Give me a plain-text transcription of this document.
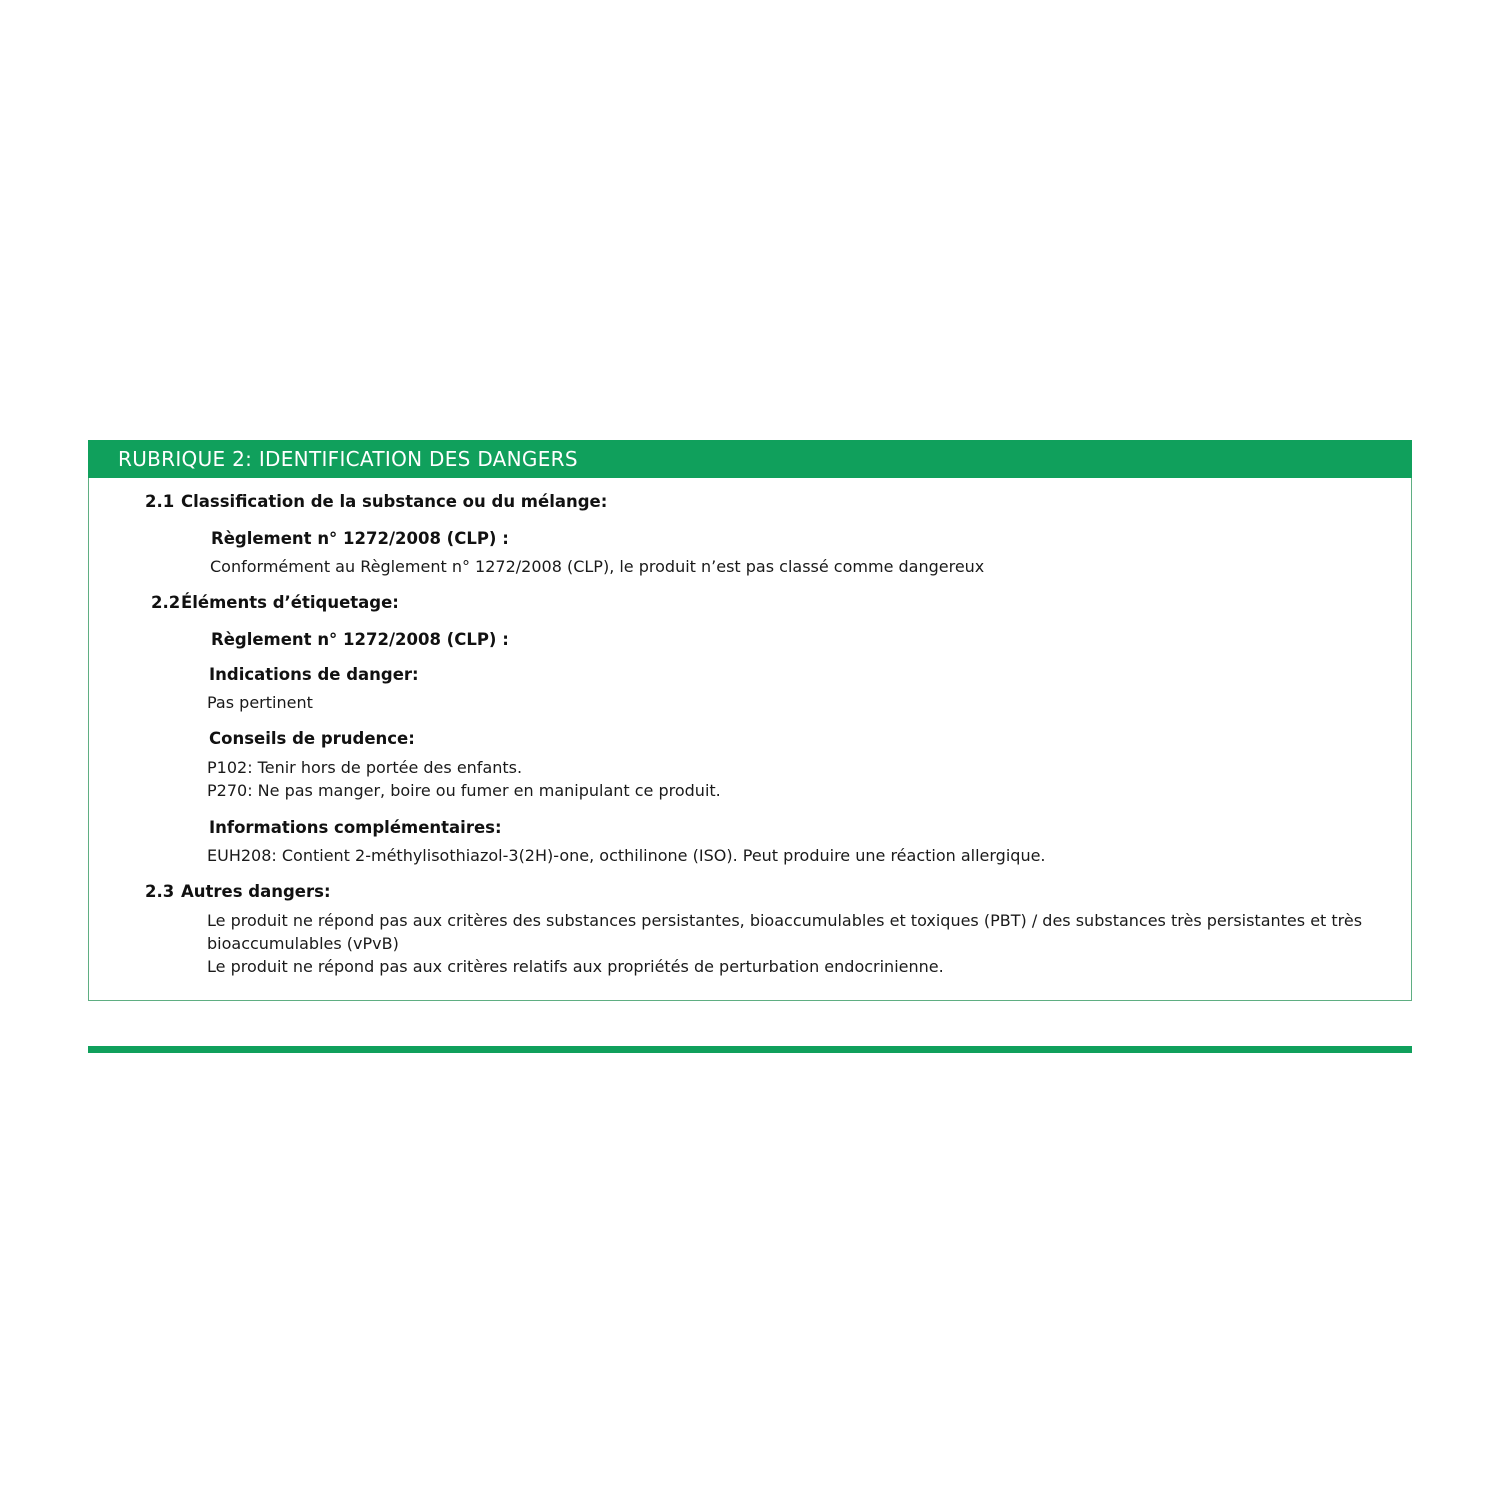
RUBRIQUE 2: IDENTIFICATION DES DANGERS
2.1 Classification de la substance ou du mélange:
Règlement n° 1272/2008 (CLP) :
Conformément au Règlement n° 1272/2008 (CLP), le produit n’est pas classé comme dangereux
2.2 Éléments d’étiquetage:
Règlement n° 1272/2008 (CLP) :
Indications de danger:
Pas pertinent
Conseils de prudence:
P102: Tenir hors de portée des enfants.
P270: Ne pas manger, boire ou fumer en manipulant ce produit.
Informations complémentaires:
EUH208: Contient 2-méthylisothiazol-3(2H)-one, octhilinone (ISO). Peut produire une réaction allergique.
2.3 Autres dangers:
Le produit ne répond pas aux critères des substances persistantes, bioaccumulables et toxiques (PBT) / des substances très persistantes et très bioaccumulables (vPvB)
Le produit ne répond pas aux critères relatifs aux propriétés de perturbation endocrinienne.
